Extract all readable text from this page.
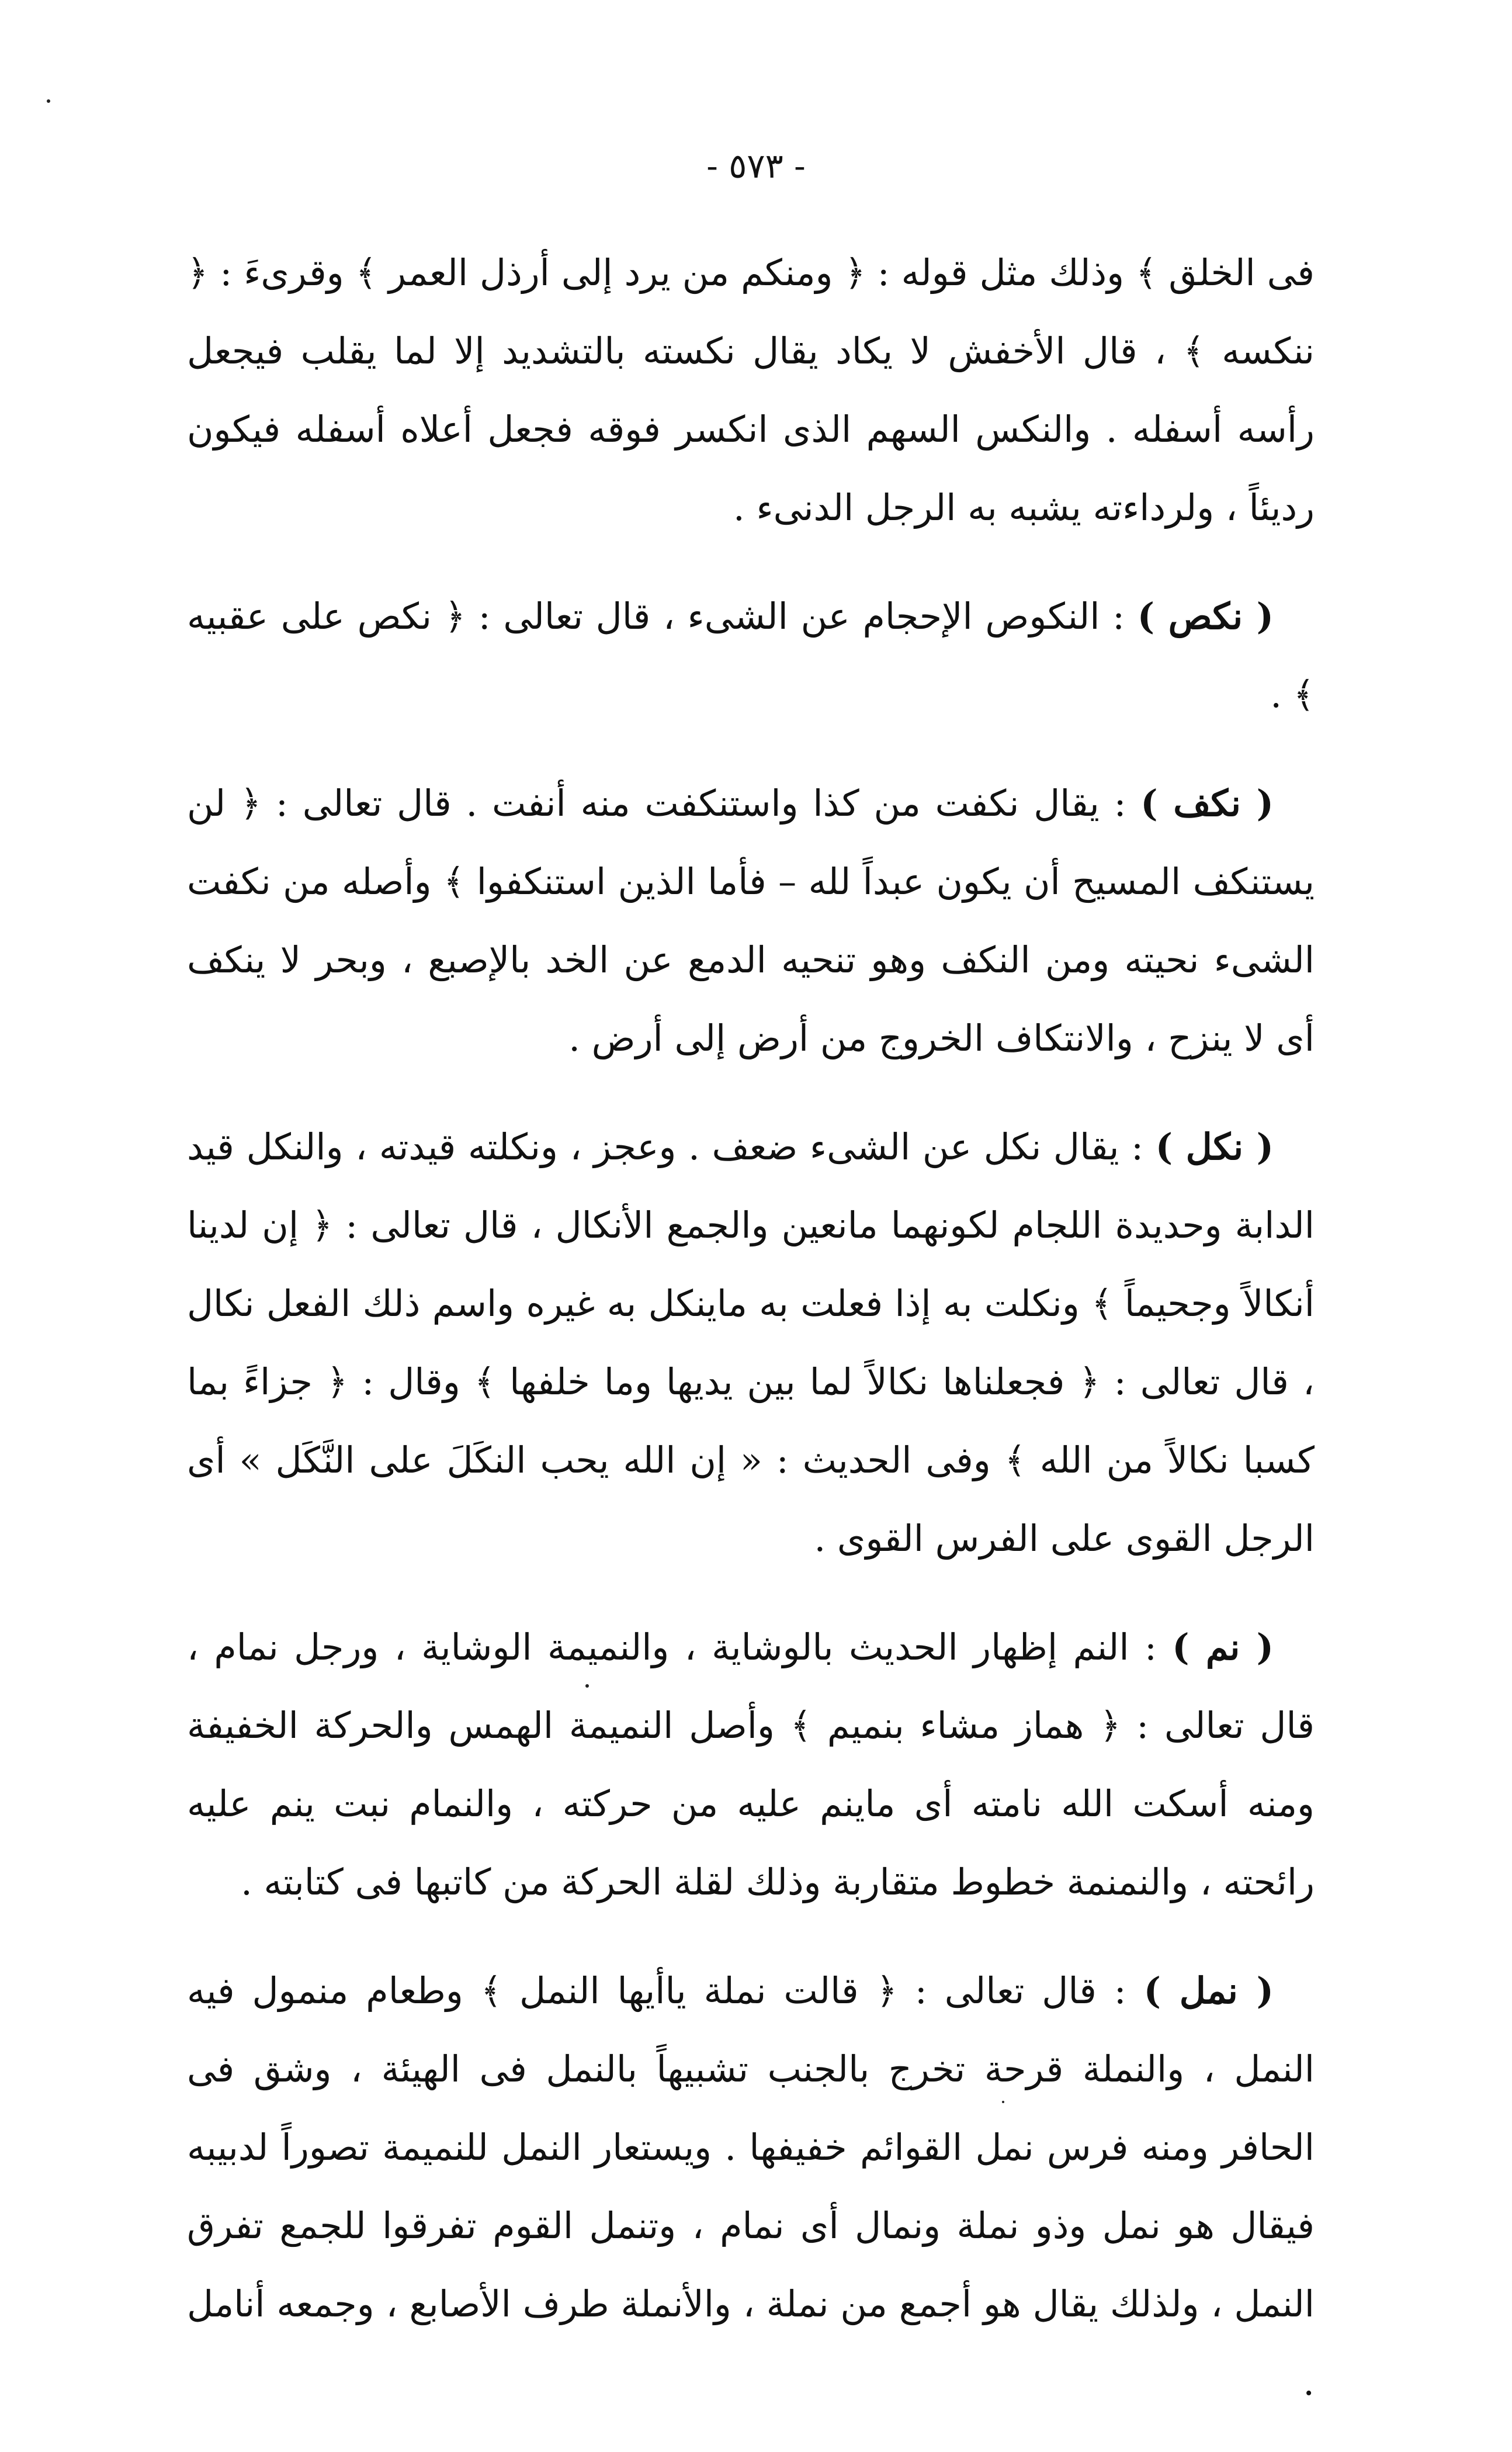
- ٥٧٣ -

فى الخلق ﴾ وذلك مثل قوله : ﴿ ومنكم من يرد إلى أرذل العمر ﴾ وقرىءَ : ﴿ ننكسه ﴾ ، قال الأخفش لا يكاد يقال نكسته بالتشديد إلا لما يقلب فيجعل رأسه أسفله . والنكس السهم الذى انكسر فوقه فجعل أعلاه أسفله فيكون رديئاً ، ولرداءته يشبه به الرجل الدنىء .

( نكص ) : النكوص الإحجام عن الشىء ، قال تعالى : ﴿ نكص على عقبيه ﴾ .

( نكف ) : يقال نكفت من كذا واستنكفت منه أنفت . قال تعالى : ﴿ لن يستنكف المسيح أن يكون عبداً لله – فأما الذين استنكفوا ﴾ وأصله من نكفت الشىء نحيته ومن النكف وهو تنحيه الدمع عن الخد بالإصبع ، وبحر لا ينكف أى لا ينزح ، والانتكاف الخروج من أرض إلى أرض .

( نكل ) : يقال نكل عن الشىء ضعف . وعجز ، ونكلته قيدته ، والنكل قيد الدابة وحديدة اللجام لكونهما مانعين والجمع الأنكال ، قال تعالى : ﴿ إن لدينا أنكالاً وجحيماً ﴾ ونكلت به إذا فعلت به ماينكل به غيره واسم ذلك الفعل نكال ، قال تعالى : ﴿ فجعلناها نكالاً لما بين يديها وما خلفها ﴾ وقال : ﴿ جزاءً بما كسبا نكالاً من الله ﴾ وفى الحديث : « إن الله يحب النكَلَ على النَّكَل » أى الرجل القوى على الفرس القوى .

( نم ) : النم إظهار الحديث بالوشاية ، والنميمة الوشاية ، ورجل نمام ، قال تعالى : ﴿ هماز مشاء بنميم ﴾ وأصل النميمة الهمس والحركة الخفيفة ومنه أسكت الله نامته أى ماينم عليه من حركته ، والنمام نبت ينم عليه رائحته ، والنمنمة خطوط متقاربة وذلك لقلة الحركة من كاتبها فى كتابته .

( نمل ) : قال تعالى : ﴿ قالت نملة ياأيها النمل ﴾ وطعام منمول فيه النمل ، والنملة قرحة تخرج بالجنب تشبيهاً بالنمل فى الهيئة ، وشق فى الحافر ومنه فرس نمل القوائم خفيفها . ويستعار النمل للنميمة تصوراً لدبيبه فيقال هو نمل وذو نملة ونمال أى نمام ، وتنمل القوم تفرقوا للجمع تفرق النمل ، ولذلك يقال هو أجمع من نملة ، والأنملة طرف الأصابع ، وجمعه أنامل .
